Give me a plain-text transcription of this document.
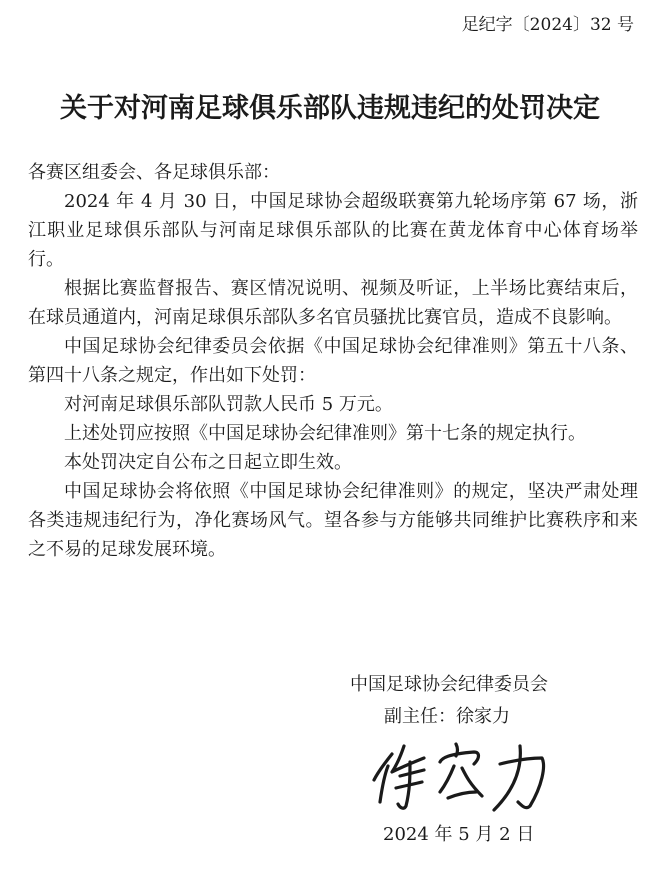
足纪字〔2024〕32 号
关于对河南足球俱乐部队违规违纪的处罚决定

各赛区组委会、各足球俱乐部：

2024 年 4 月 30 日，中国足球协会超级联赛第九轮场序第 67 场，浙江职业足球俱乐部队与河南足球俱乐部队的比赛在黄龙体育中心体育场举行。

根据比赛监督报告、赛区情况说明、视频及听证，上半场比赛结束后，在球员通道内，河南足球俱乐部队多名官员骚扰比赛官员，造成不良影响。

中国足球协会纪律委员会依据《中国足球协会纪律准则》第五十八条、第四十八条之规定，作出如下处罚：

对河南足球俱乐部队罚款人民币 5 万元。

上述处罚应按照《中国足球协会纪律准则》第十七条的规定执行。

本处罚决定自公布之日起立即生效。

中国足球协会将依照《中国足球协会纪律准则》的规定，坚决严肃处理各类违规违纪行为，净化赛场风气。望各参与方能够共同维护比赛秩序和来之不易的足球发展环境。

中国足球协会纪律委员会
副主任：徐家力
2024 年 5 月 2 日
